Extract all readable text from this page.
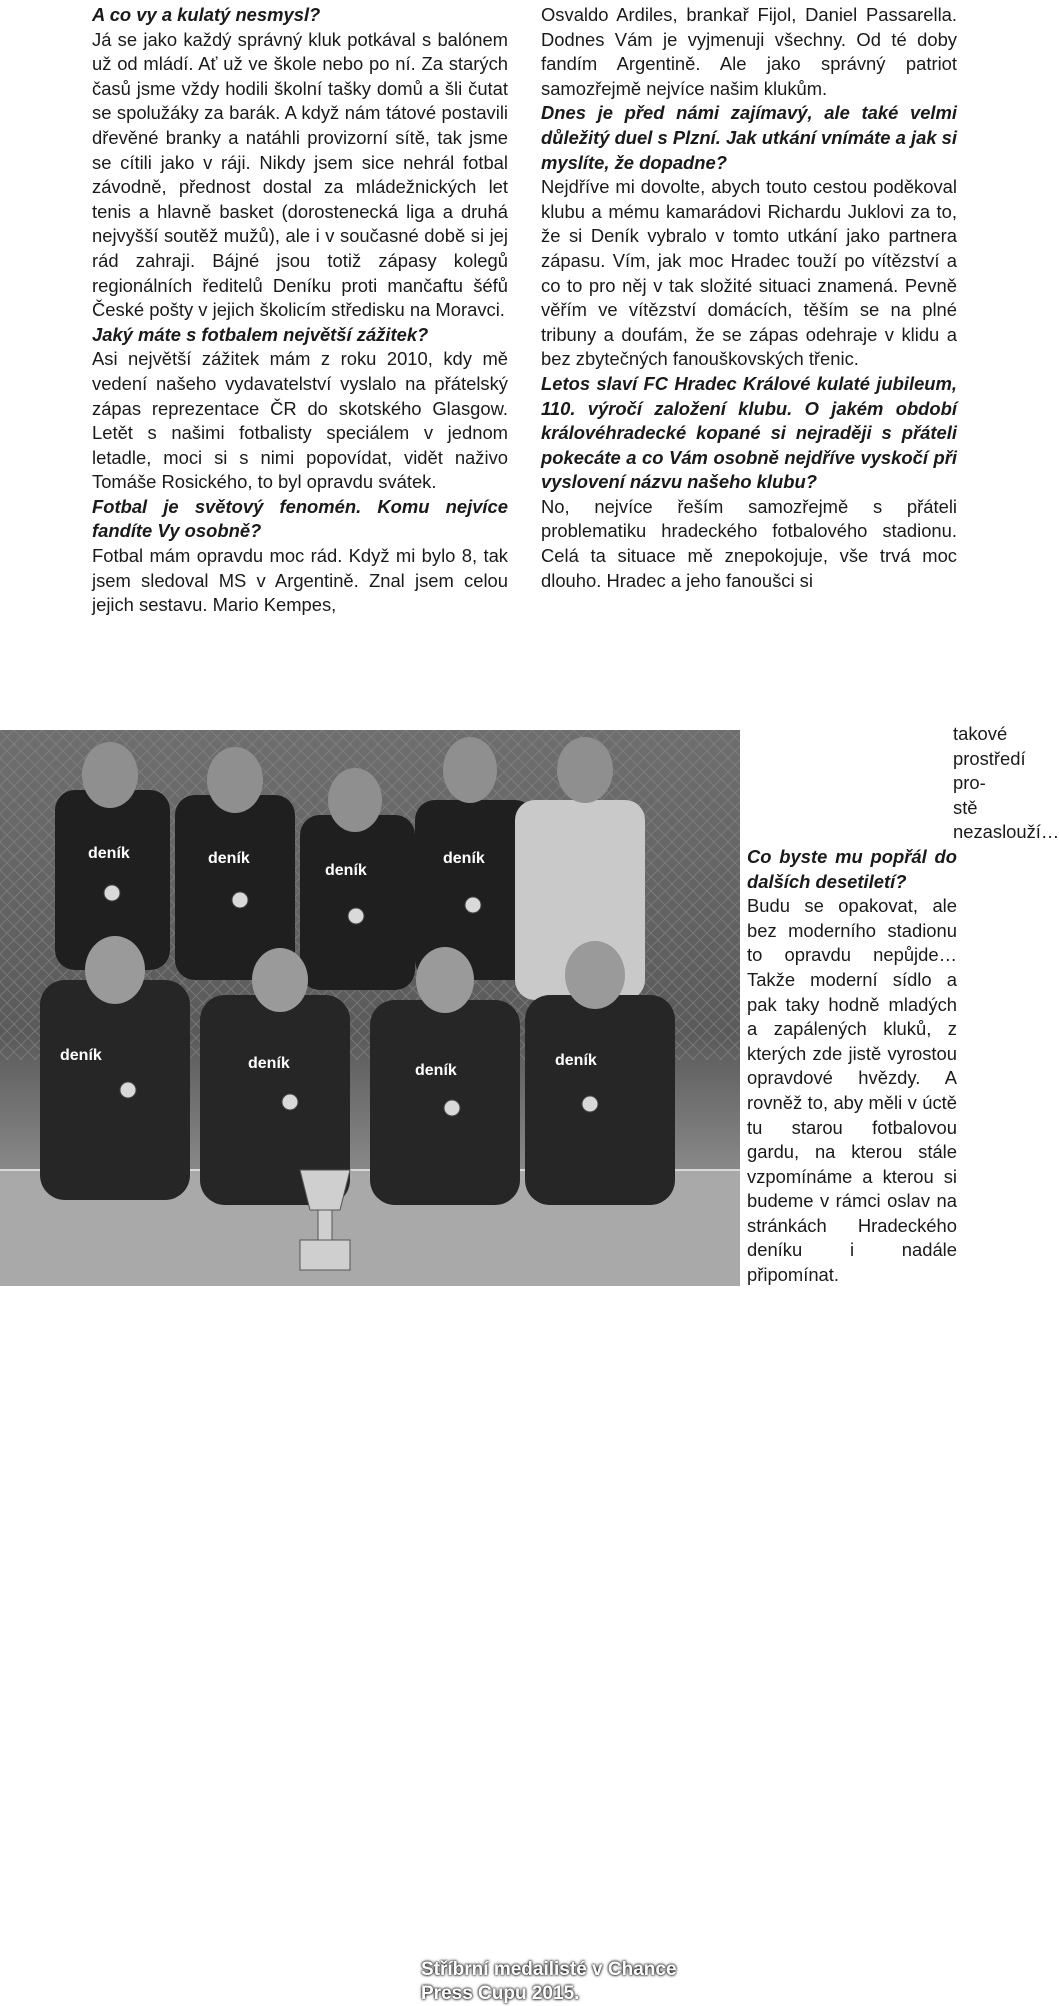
A co vy a kulatý nesmysl?

Já se jako každý správný kluk potkával s balónem už od mládí. Ať už ve škole nebo po ní. Za starých časů jsme vždy hodili školní tašky domů a šli čutat se spolužáky za barák. A když nám tátové postavili dřevěné branky a natáhli provizorní sítě, tak jsme se cítili jako v ráji. Nikdy jsem sice nehrál fotbal závodně, přednost dostal za mládežnických let tenis a hlavně basket (dorostenecká liga a druhá nejvyšší soutěž mužů), ale i v současné době si jej rád zahraji. Bájné jsou totiž zápasy kolegů regionálních ředitelů Deníku proti mančaftu šéfů České pošty v jejich školicím středisku na Moravci.

Jaký máte s fotbalem největší zážitek?

Asi největší zážitek mám z roku 2010, kdy mě vedení našeho vydavatelství vyslalo na přátelský zápas reprezentace ČR do skotského Glasgow. Letět s našimi fotbalisty speciálem v jednom letadle, moci si s nimi popovídat, vidět naživo Tomáše Rosického, to byl opravdu svátek.

Fotbal je světový fenomén. Komu nejvíce fandíte Vy osobně?

Fotbal mám opravdu moc rád. Když mi bylo 8, tak jsem sledoval MS v Argentině. Znal jsem celou jejich sestavu. Mario Kempes,

Osvaldo Ardiles, brankař Fijol, Daniel Passarella. Dodnes Vám je vyjmenuji všechny. Od té doby fandím Argentině. Ale jako správný patriot samozřejmě nejvíce našim klukům.

Dnes je před námi zajímavý, ale také velmi důležitý duel s Plzní. Jak utkání vnímáte a jak si myslíte, že dopadne?

Nejdříve mi dovolte, abych touto cestou poděkoval klubu a mému kamarádovi Richardu Juklovi za to, že si Deník vybralo v tomto utkání jako partnera zápasu. Vím, jak moc Hradec touží po vítězství a co to pro něj v tak složité situaci znamená. Pevně věřím ve vítězství domácích, těším se na plné tribuny a doufám, že se zápas odehraje v klidu a bez zbytečných fanouškovských třenic.

Letos slaví FC Hradec Králové kulaté jubileum, 110. výročí založení klubu. O jakém období královéhradecké kopané si nejraději s přáteli pokecáte a co Vám osobně nejdříve vyskočí při vyslovení názvu našeho klubu?

No, nejvíce řeším samozřejmě s přáteli problematiku hradeckého fotbalového stadionu. Celá ta situace mě znepokojuje, vše trvá moc dlouho. Hradec a jeho fanoušci si

deník	deník
deník
deník
deník	deník	deník
deník
Stříbrní medailisté v Chance
Press Cupu 2015.

takové prostředí prostě nezaslouží…

Co byste mu popřál do dalších desetiletí?

Budu se opakovat, ale bez moderního stadionu to opravdu nepůjde… Takže moderní sídlo a pak taky hodně mladých a zapálených kluků, z kterých zde jistě vyrostou opravdové hvězdy. A rovněž to, aby měli v úctě tu starou fotbalovou gardu, na kterou stále vzpomínáme a kterou si budeme v rámci oslav na stránkách Hradeckého deníku i nadále připomínat.
